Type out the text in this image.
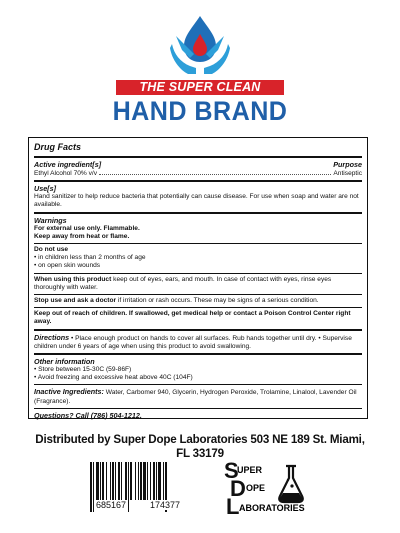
THE SUPER CLEAN
HAND BRAND
Drug Facts
Active ingredient[s]	Purpose
Ethyl Alcohol 70% v/v	Antiseptic
Use[s]
Hand sanitizer to help reduce bacteria that potentially can cause disease. For use when soap and water are not available.
Warnings
For external use only. Flammable.
Keep away from heat or flame.
Do not use
• in children less than 2 months of age
• on open skin wounds
When using this product keep out of eyes, ears, and mouth. In case of contact with eyes, rinse eyes thoroughly with water.
Stop use and ask a doctor if irritation or rash occurs. These may be signs of a serious condition.
Keep out of reach of children. If swallowed, get medical help or contact a Poison Control Center right away.
Directions • Place enough product on hands to cover all surfaces. Rub hands together until dry. • Supervise children under 6 years of age when using this product to avoid swallowing.
Other information
• Store between 15-30C (59-86F)
• Avoid freezing and excessive heat above 40C (104F)
Inactive Ingredients: Water, Carbomer 940, Glycerin, Hydrogen Peroxide, Trolamine, Linalool, Lavender Oil (Fragrance).
Questions? Call (786) 504-1212.
Distributed by Super Dope Laboratories 503 NE 189 St. Miami, FL 33179
685167	174377
S
UPER
D OPE
L ABORATORIES
